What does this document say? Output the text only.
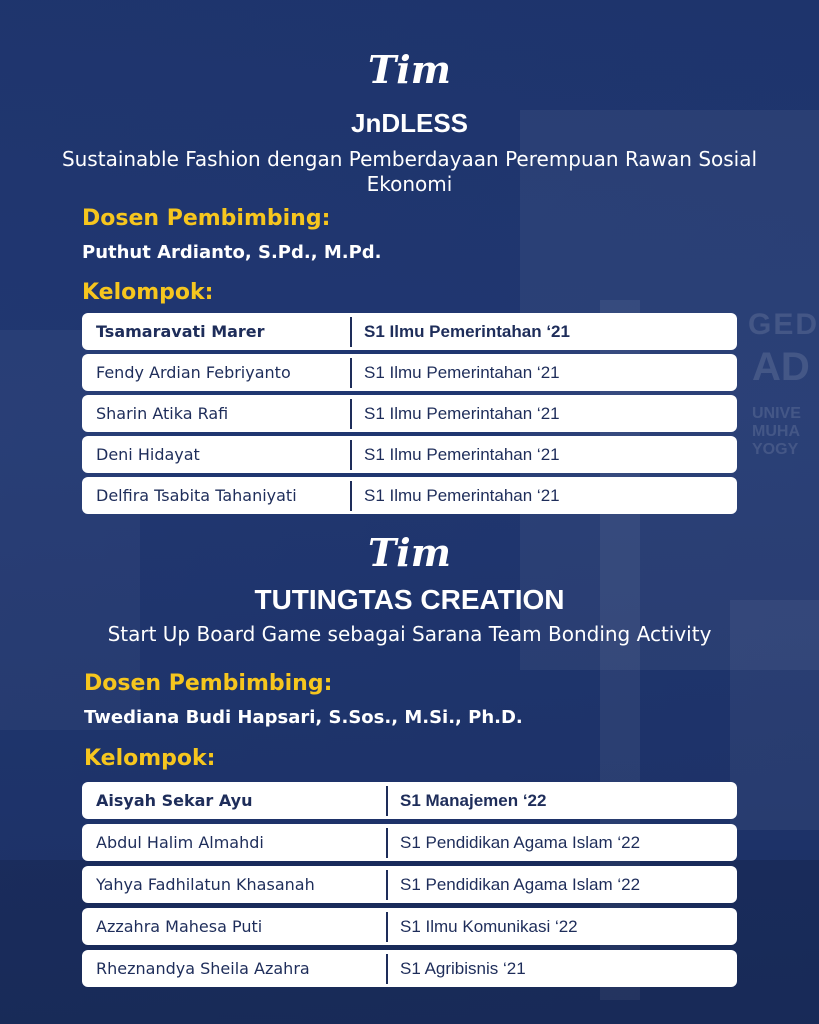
GED
AD
UNIVE
MUHA
YOGY
Tim
JnDLESS
Sustainable Fashion dengan Pemberdayaan Perempuan Rawan Sosial Ekonomi
Dosen Pembimbing:
Puthut Ardianto, S.Pd., M.Pd.
Kelompok:
Tsamaravati Marer	S1 Ilmu Pemerintahan ‘21
Fendy Ardian Febriyanto	S1 Ilmu Pemerintahan ‘21
Sharin Atika Rafi	S1 Ilmu Pemerintahan ‘21
Deni Hidayat	S1 Ilmu Pemerintahan ‘21
Delfira Tsabita Tahaniyati	S1 Ilmu Pemerintahan ‘21
Tim
TUTINGTAS CREATION
Start Up Board Game sebagai Sarana Team Bonding Activity
Dosen Pembimbing:
Twediana Budi Hapsari, S.Sos., M.Si., Ph.D.
Kelompok:
Aisyah Sekar Ayu	S1 Manajemen ‘22
Abdul Halim Almahdi	S1 Pendidikan Agama Islam ‘22
Yahya Fadhilatun Khasanah	S1 Pendidikan Agama Islam ‘22
Azzahra Mahesa Puti	S1 Ilmu Komunikasi ‘22
Rheznandya Sheila Azahra	S1 Agribisnis ‘21
